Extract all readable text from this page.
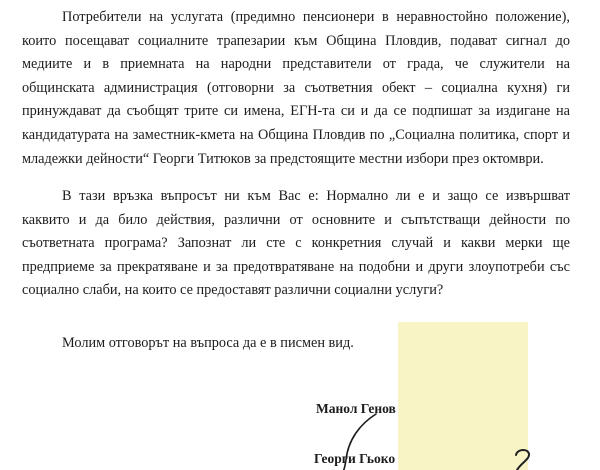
Потребители на услугата (предимно пенсионери в неравностойно положение),
които посещават социалните трапезарии към Община Пловдив, подават сигнал до
медиите и в приемната на народни представители от града, че служители на
общинската администрация (отговорни за съответния обект – социална кухня) ги
принуждават да съобщят трите си имена, ЕГН-та си и да се подпишат за издигане на
кандидатурата на заместник-кмета на Община Пловдив по „Социална политика, спорт и
младежки дейности“ Георги Титюков за предстоящите местни избори през октомври.
В тази връзка въпросът ни към Вас е: Нормално ли е и защо се извършват
каквито и да било действия, различни от основните и съпътстващи дейности по
съответната програма? Запознат ли сте с конкретния случай и какви мерки ще
предприеме за прекратяване и за предотвратяване на подобни и други злоупотреби със
социално слаби, на които се предоставят различни социални услуги?
Молим отговорът на въпроса да е в писмен вид.
Манол Генов
Георги Гьоко
